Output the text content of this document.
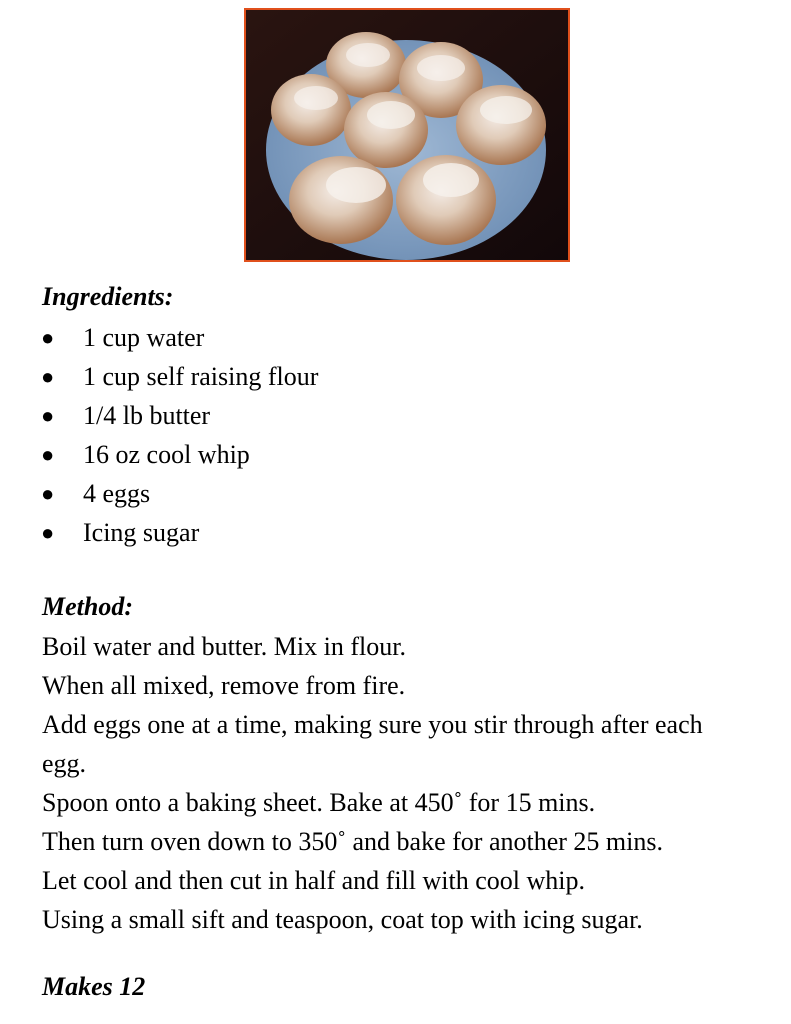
Ingredients:
● 1 cup water
● 1 cup self raising flour
● 1/4 lb butter
● 16 oz cool whip
● 4 eggs
● Icing sugar
Method:
Boil water and butter. Mix in flour.
When all mixed, remove from fire.
Add eggs one at a time, making sure you stir through after each egg.
Spoon onto a baking sheet. Bake at 450˚ for 15 mins.
Then turn oven down to 350˚ and bake for another 25 mins.
Let cool and then cut in half and fill with cool whip.
Using a small sift and teaspoon, coat top with icing sugar.
Makes 12
